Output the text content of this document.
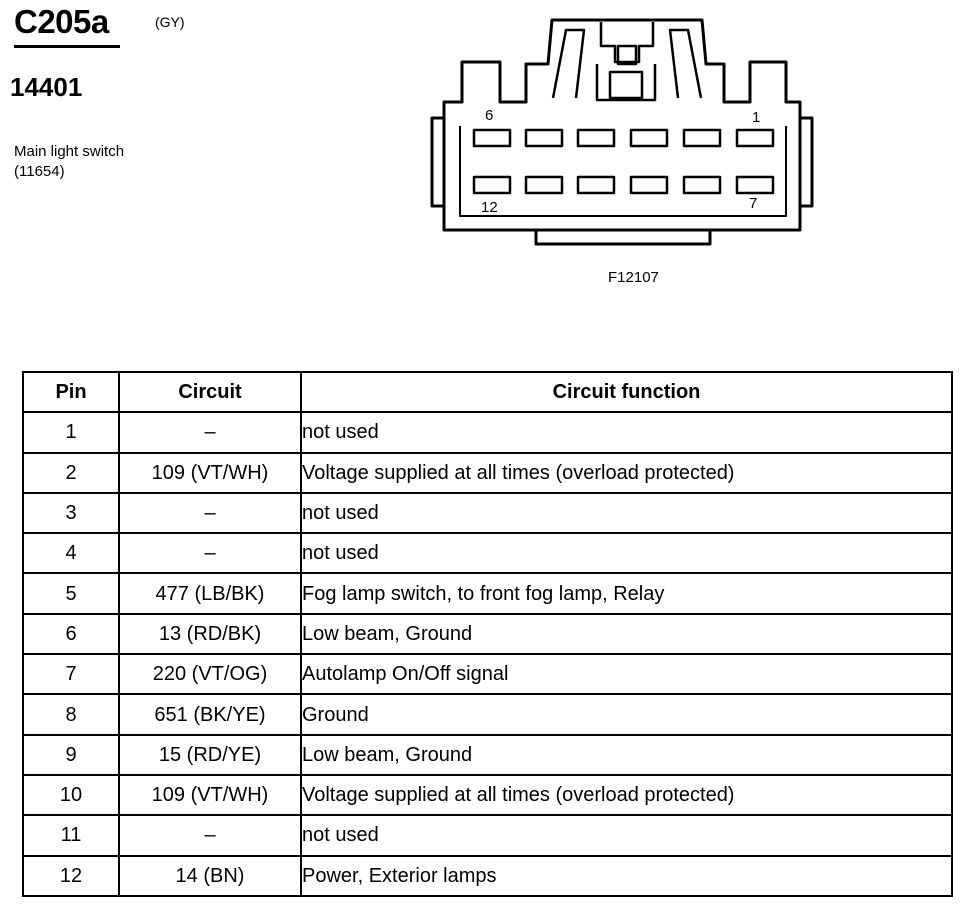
C205a	(GY)
14401
Main light switch
(11654)
6	1
12	7
F12107
Pin	Circuit	Circuit function
1	–	not used
2	109 (VT/WH)	Voltage supplied at all times (overload protected)
3	–	not used
4	–	not used
5	477 (LB/BK)	Fog lamp switch, to front fog lamp, Relay
6	13 (RD/BK)	Low beam, Ground
7	220 (VT/OG)	Autolamp On/Off signal
8	651 (BK/YE)	Ground
9	15 (RD/YE)	Low beam, Ground
10	109 (VT/WH)	Voltage supplied at all times (overload protected)
11	–	not used
12	14 (BN)	Power, Exterior lamps
